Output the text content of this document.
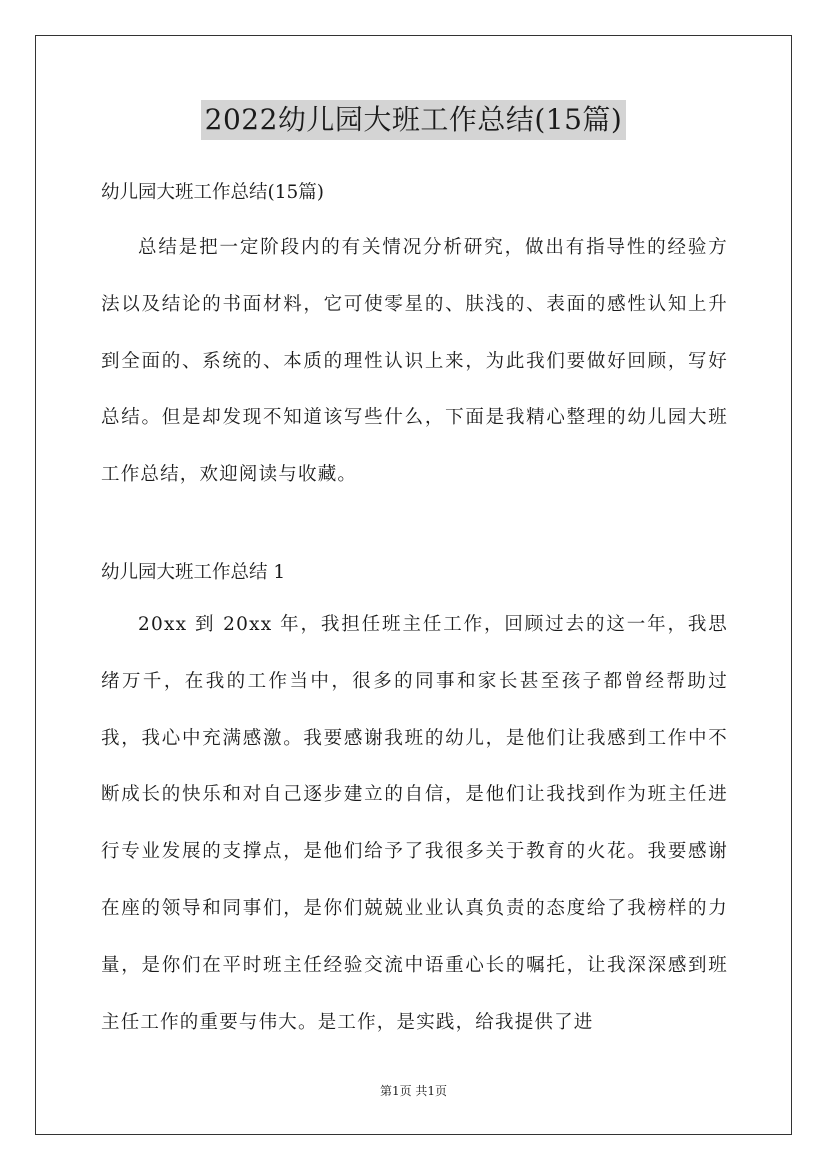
2022幼儿园大班工作总结(15篇)
幼儿园大班工作总结(15篇)
总结是把一定阶段内的有关情况分析研究，做出有指导性的经验方法以及结论的书面材料，它可使零星的、肤浅的、表面的感性认知上升到全面的、系统的、本质的理性认识上来，为此我们要做好回顾，写好总结。但是却发现不知道该写些什么，下面是我精心整理的幼儿园大班工作总结，欢迎阅读与收藏。
幼儿园大班工作总结 1
20xx 到 20xx 年，我担任班主任工作，回顾过去的这一年，我思绪万千，在我的工作当中，很多的同事和家长甚至孩子都曾经帮助过我，我心中充满感激。我要感谢我班的幼儿，是他们让我感到工作中不断成长的快乐和对自己逐步建立的自信，是他们让我找到作为班主任进行专业发展的支撑点，是他们给予了我很多关于教育的火花。我要感谢在座的领导和同事们，是你们兢兢业业认真负责的态度给了我榜样的力量，是你们在平时班主任经验交流中语重心长的嘱托，让我深深感到班主任工作的重要与伟大。是工作，是实践，给我提供了进
第1页 共1页
